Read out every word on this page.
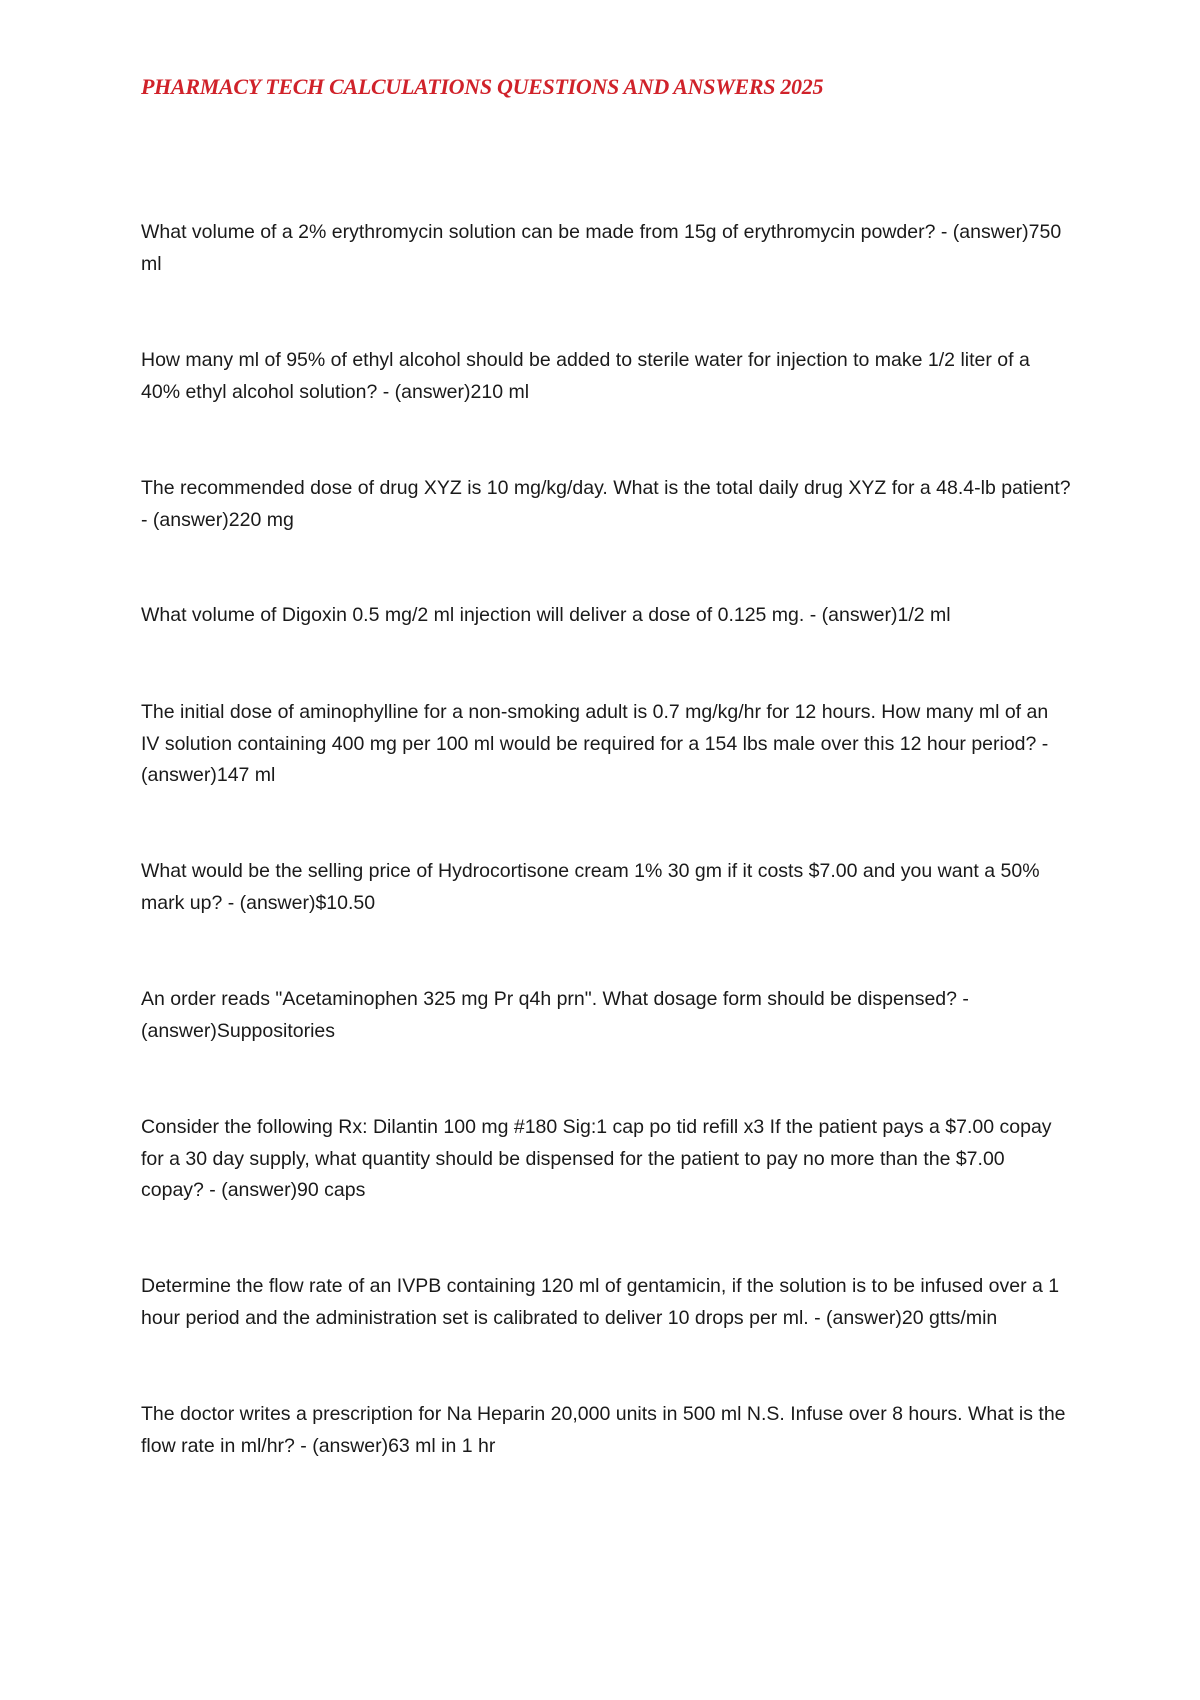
PHARMACY TECH CALCULATIONS QUESTIONS AND ANSWERS 2025

What volume of a 2% erythromycin solution can be made from 15g of erythromycin powder? - (answer)750 ml

How many ml of 95% of ethyl alcohol should be added to sterile water for injection to make 1/2 liter of a 40% ethyl alcohol solution? - (answer)210 ml

The recommended dose of drug XYZ is 10 mg/kg/day. What is the total daily drug XYZ for a 48.4-lb patient? - (answer)220 mg

What volume of Digoxin 0.5 mg/2 ml injection will deliver a dose of 0.125 mg. - (answer)1/2 ml

The initial dose of aminophylline for a non-smoking adult is 0.7 mg/kg/hr for 12 hours. How many ml of an IV solution containing 400 mg per 100 ml would be required for a 154 lbs male over this 12 hour period? - (answer)147 ml

What would be the selling price of Hydrocortisone cream 1% 30 gm if it costs $7.00 and you want a 50% mark up? - (answer)$10.50

An order reads "Acetaminophen 325 mg Pr q4h prn". What dosage form should be dispensed? - (answer)Suppositories

Consider the following Rx: Dilantin 100 mg #180 Sig:1 cap po tid refill x3 If the patient pays a $7.00 copay for a 30 day supply, what quantity should be dispensed for the patient to pay no more than the $7.00 copay? - (answer)90 caps

Determine the flow rate of an IVPB containing 120 ml of gentamicin, if the solution is to be infused over a 1 hour period and the administration set is calibrated to deliver 10 drops per ml. - (answer)20 gtts/min

The doctor writes a prescription for Na Heparin 20,000 units in 500 ml N.S. Infuse over 8 hours. What is the flow rate in ml/hr? - (answer)63 ml in 1 hr
